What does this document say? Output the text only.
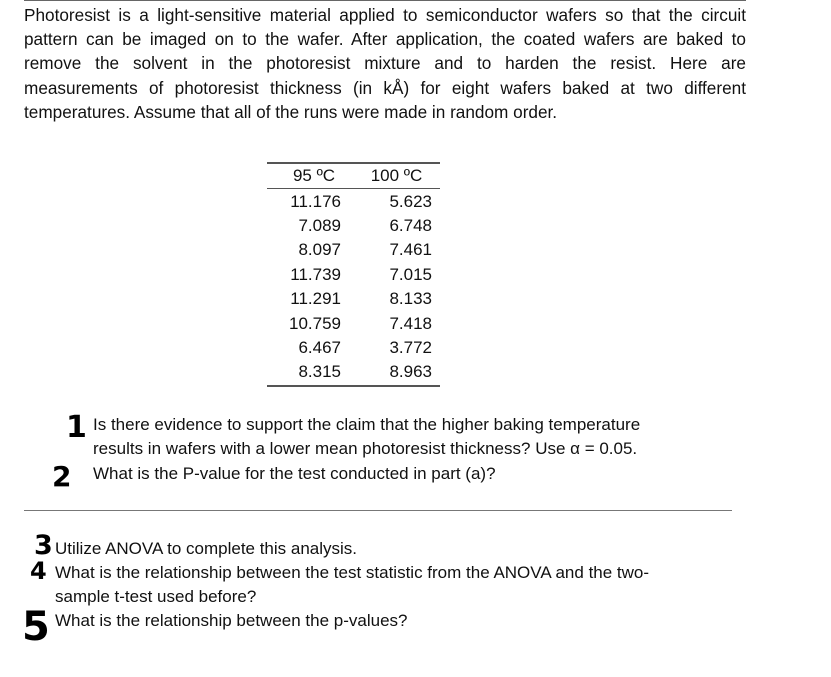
Photoresist is a light-sensitive material applied to semiconductor wafers so that the circuit pattern can be imaged on to the wafer. After application, the coated wafers are baked to remove the solvent in the photoresist mixture and to harden the resist. Here are measurements of photoresist thickness (in kÅ) for eight wafers baked at two different temperatures. Assume that all of the runs were made in random order.

95 ºC	100 ºC
11.176	5.623
7.089	6.748
8.097	7.461
11.739	7.015
11.291	8.133
10.759	7.418
6.467	3.772
8.315	8.963
1 Is there evidence to support the claim that the higher baking temperature

results in wafers with a lower mean photoresist thickness? Use α = 0.05.

2 What is the P-value for the test conducted in part (a)?

3 Utilize ANOVA to complete this analysis.

4 What is the relationship between the test statistic from the ANOVA and the two-

sample t-test used before?

5 What is the relationship between the p-values?
